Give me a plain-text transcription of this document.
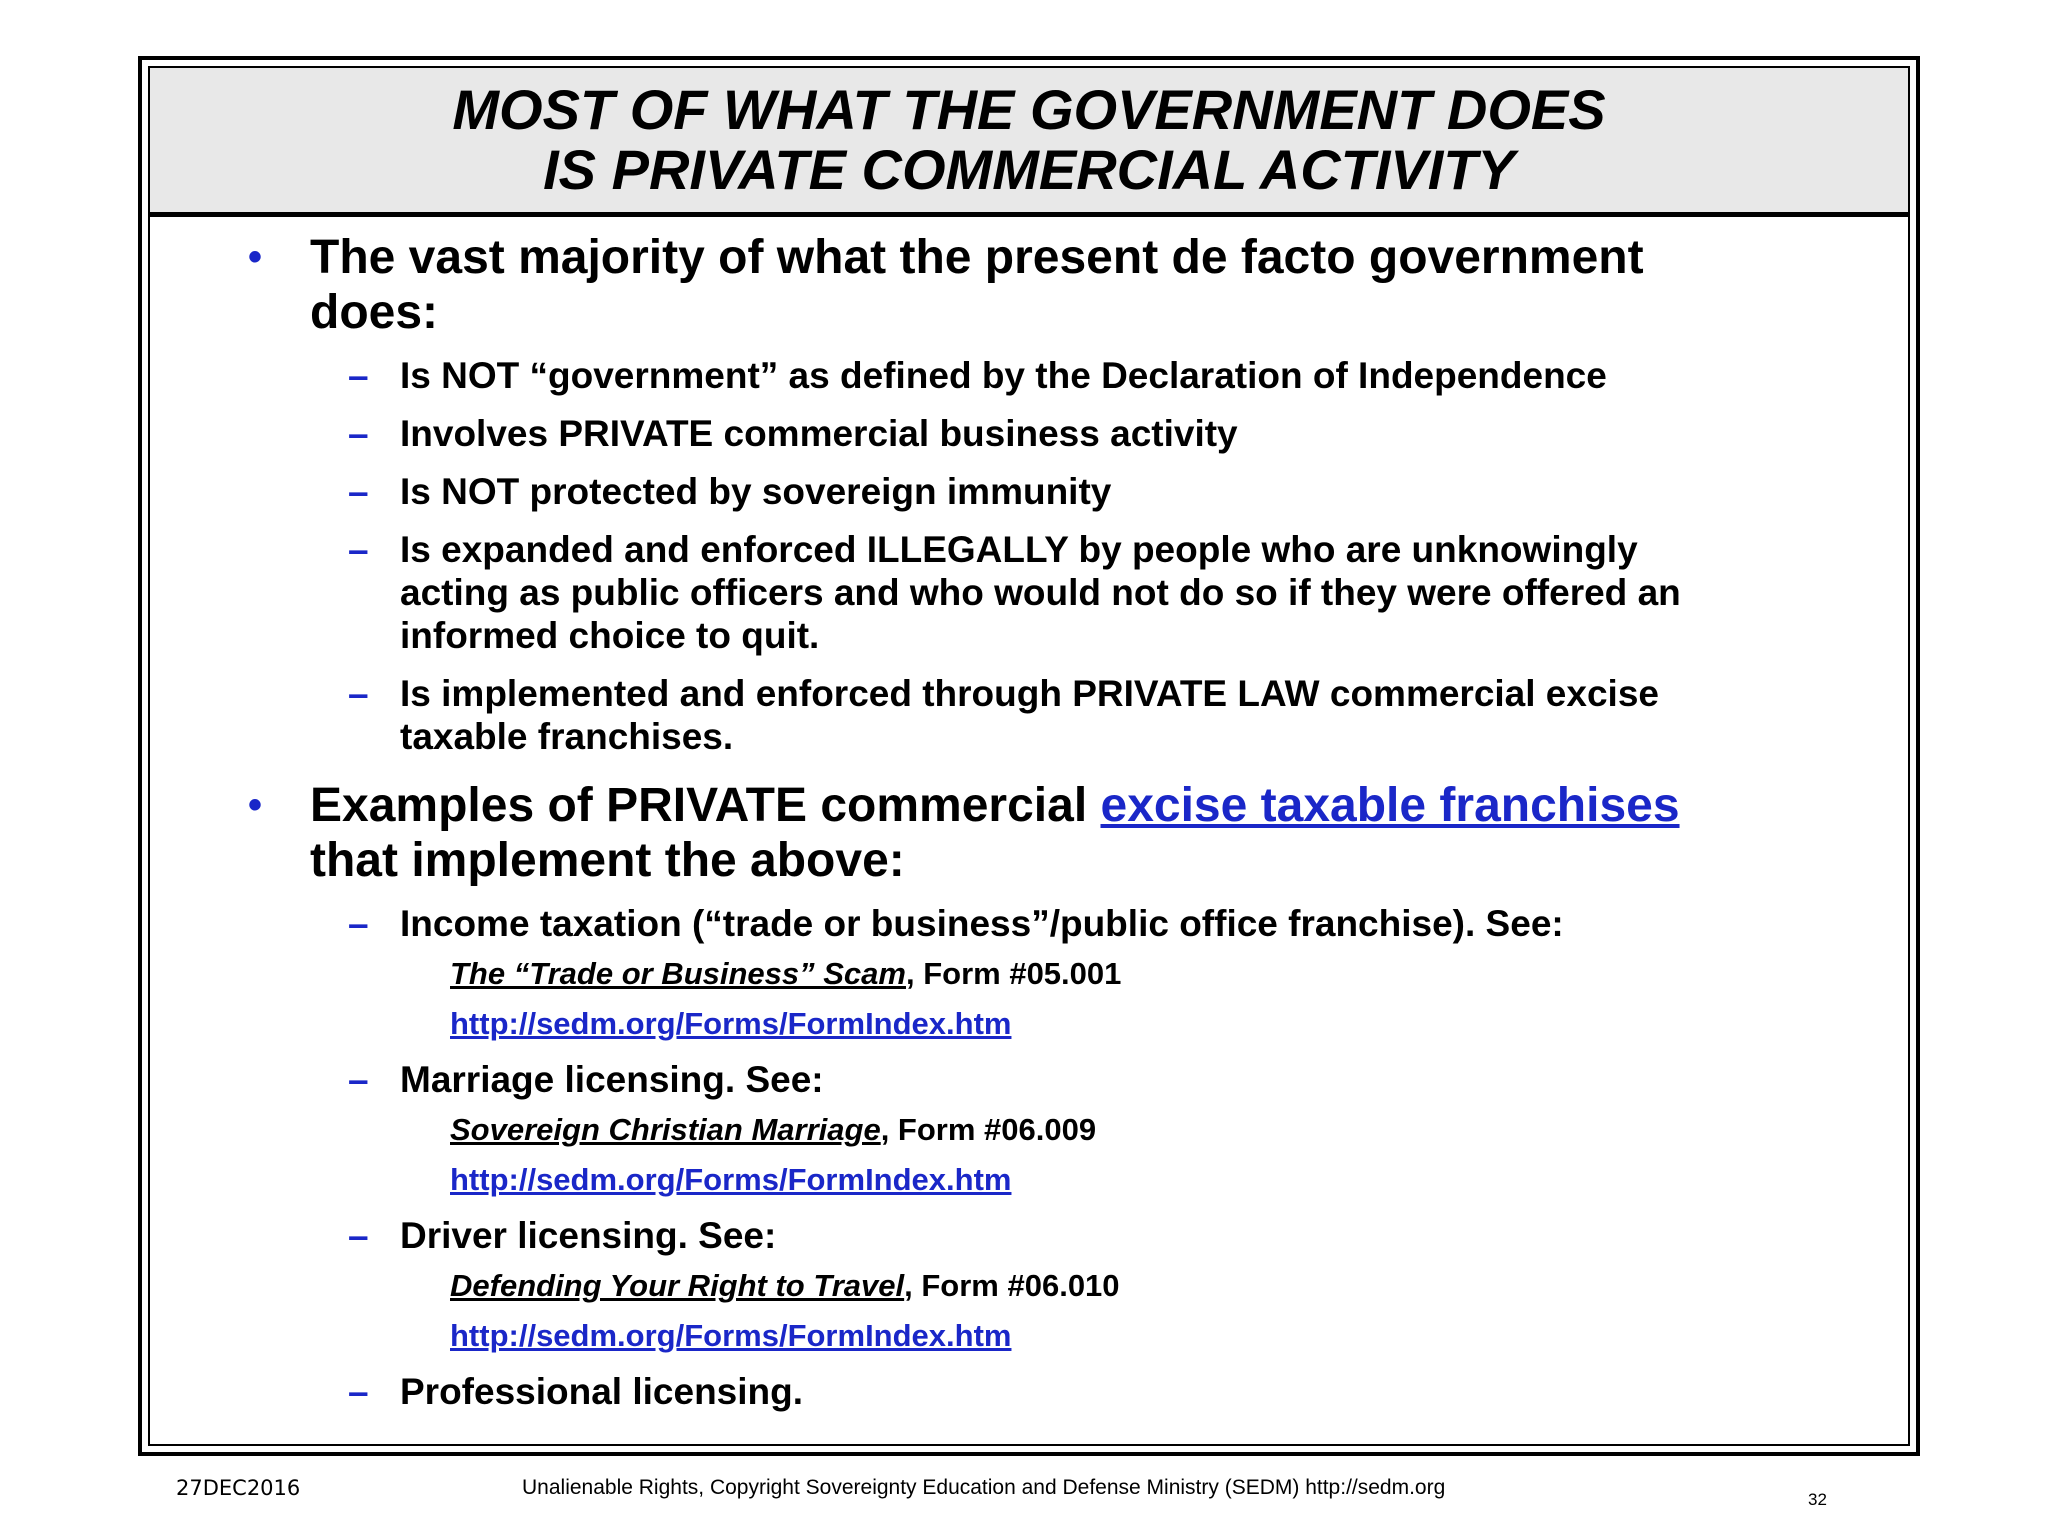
MOST OF WHAT THE GOVERNMENT DOES
IS PRIVATE COMMERCIAL ACTIVITY
• The vast majority of what the present de facto government
does:
– Is NOT “government” as defined by the Declaration of Independence
– Involves PRIVATE commercial business activity
– Is NOT protected by sovereign immunity
– Is expanded and enforced ILLEGALLY by people who are unknowingly
acting as public officers and who would not do so if they were offered an
informed choice to quit.
– Is implemented and enforced through PRIVATE LAW commercial excise
taxable franchises.
• Examples of PRIVATE commercial excise taxable franchises
that implement the above:
– Income taxation (“trade or business”/public office franchise). See:
The “Trade or Business” Scam, Form #05.001
http://sedm.org/Forms/FormIndex.htm
– Marriage licensing. See:
Sovereign Christian Marriage, Form #06.009
http://sedm.org/Forms/FormIndex.htm
– Driver licensing. See:
Defending Your Right to Travel, Form #06.010
http://sedm.org/Forms/FormIndex.htm
– Professional licensing.
27DEC2016	Unalienable Rights, Copyright Sovereignty Education and Defense Ministry (SEDM) http://sedm.org
32
